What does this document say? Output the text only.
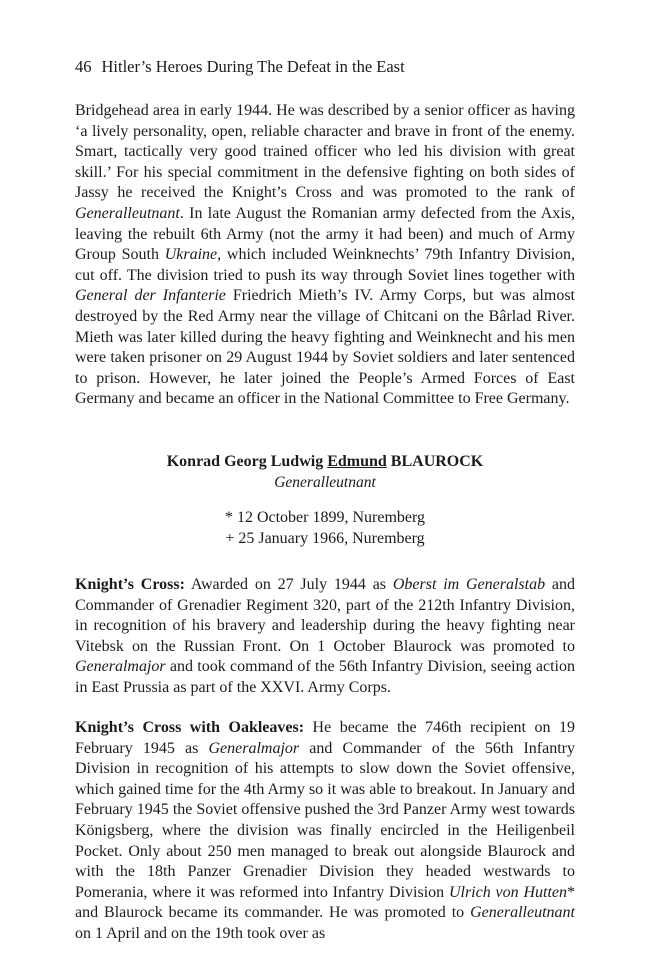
46 Hitler’s Heroes During The Defeat in the East

Bridgehead area in early 1944. He was described by a senior officer as having ‘a lively personality, open, reliable character and brave in front of the enemy. Smart, tactically very good trained officer who led his division with great skill.’ For his special commitment in the defensive fighting on both sides of Jassy he received the Knight’s Cross and was promoted to the rank of Generalleutnant. In late August the Romanian army defected from the Axis, leaving the rebuilt 6th Army (not the army it had been) and much of Army Group South Ukraine, which included Weinknechts’ 79th Infantry Division, cut off. The division tried to push its way through Soviet lines together with General der Infanterie Friedrich Mieth’s IV. Army Corps, but was almost destroyed by the Red Army near the village of Chitcani on the Bârlad River. Mieth was later killed during the heavy fighting and Weinknecht and his men were taken prisoner on 29 August 1944 by Soviet soldiers and later sentenced to prison. However, he later joined the People’s Armed Forces of East Germany and became an officer in the National Committee to Free Germany.

Konrad Georg Ludwig Edmund BLAUROCK
Generalleutnant
* 12 October 1899, Nuremberg
+ 25 January 1966, Nuremberg

Knight’s Cross: Awarded on 27 July 1944 as Oberst im Generalstab and Commander of Grenadier Regiment 320, part of the 212th Infantry Division, in recognition of his bravery and leadership during the heavy fighting near Vitebsk on the Russian Front. On 1 October Blaurock was promoted to Generalmajor and took command of the 56th Infantry Division, seeing action in East Prussia as part of the XXVI. Army Corps.

Knight’s Cross with Oakleaves: He became the 746th recipient on 19 February 1945 as Generalmajor and Commander of the 56th Infantry Division in recognition of his attempts to slow down the Soviet offensive, which gained time for the 4th Army so it was able to breakout. In January and February 1945 the Soviet offensive pushed the 3rd Panzer Army west towards Königsberg, where the division was finally encircled in the Heiligenbeil Pocket. Only about 250 men managed to break out alongside Blaurock and with the 18th Panzer Grenadier Division they headed westwards to Pomerania, where it was reformed into Infantry Division Ulrich von Hutten* and Blaurock became its commander. He was promoted to Generalleutnant on 1 April and on the 19th took over as
